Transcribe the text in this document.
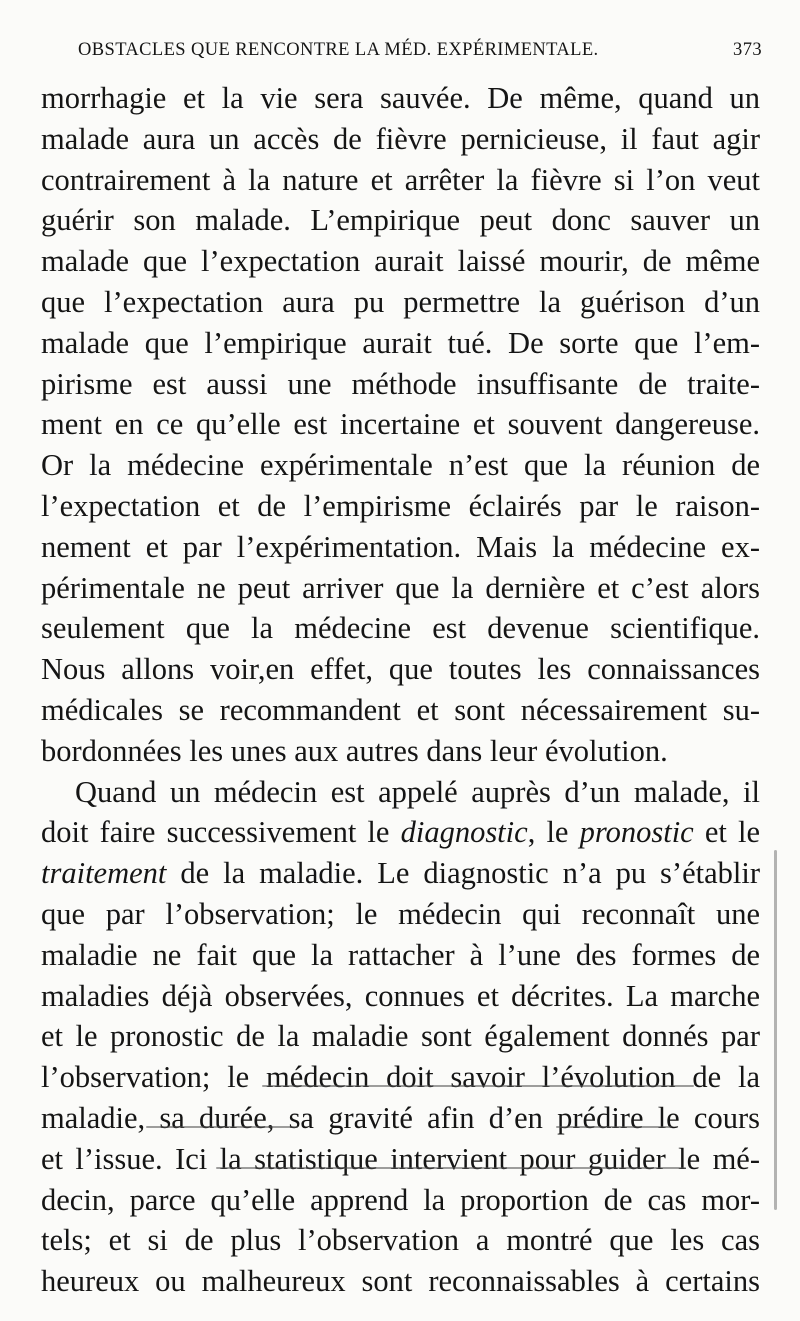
OBSTACLES QUE RENCONTRE LA MÉD. EXPÉRIMENTALE.	373
morrhagie et la vie sera sauvée. De même, quand un
malade aura un accès de fièvre pernicieuse, il faut agir
contrairement à la nature et arrêter la fièvre si l’on veut
guérir son malade. L’empirique peut donc sauver un
malade que l’expectation aurait laissé mourir, de même
que l’expectation aura pu permettre la guérison d’un
malade que l’empirique aurait tué. De sorte que l’em-
pirisme est aussi une méthode insuffisante de traite-
ment en ce qu’elle est incertaine et souvent dangereuse.
Or la médecine expérimentale n’est que la réunion de
l’expectation et de l’empirisme éclairés par le raison-
nement et par l’expérimentation. Mais la médecine ex-
périmentale ne peut arriver que la dernière et c’est alors
seulement que la médecine est devenue scientifique.
Nous allons voir,en effet, que toutes les connaissances
médicales se recommandent et sont nécessairement su-
bordonnées les unes aux autres dans leur évolution.
Quand un médecin est appelé auprès d’un malade, il
doit faire successivement le diagnostic, le pronostic et le
traitement de la maladie. Le diagnostic n’a pu s’établir
que par l’observation; le médecin qui reconnaît une
maladie ne fait que la rattacher à l’une des formes de
maladies déjà observées, connues et décrites. La marche
et le pronostic de la maladie sont également donnés par
l’observation; le médecin doit savoir l’évolution de la
maladie, sa durée, sa gravité afin d’en prédire le cours
et l’issue. Ici la statistique intervient pour guider le mé-
decin, parce qu’elle apprend la proportion de cas mor-
tels; et si de plus l’observation a montré que les cas
heureux ou malheureux sont reconnaissables à certains
